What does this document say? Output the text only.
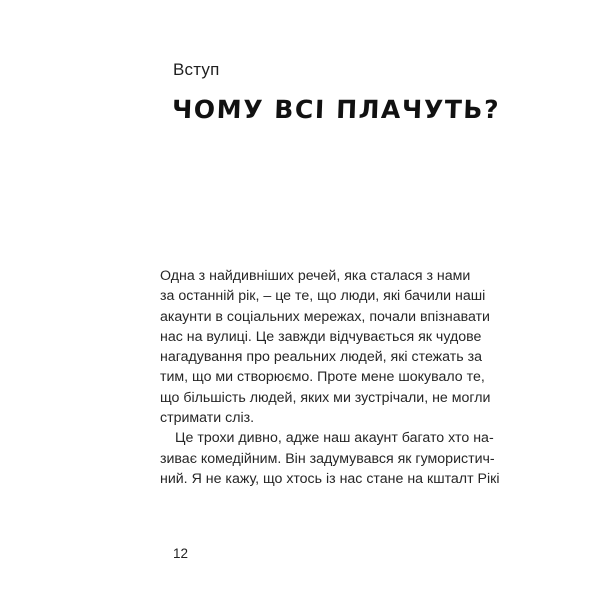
Вступ
ЧОМУ ВСІ ПЛАЧУТЬ?
Одна з найдивніших речей, яка сталася з нами
за останній рік, – це те, що люди, які бачили наші
акаунти в соціальних мережах, почали впізнавати
нас на вулиці. Це завжди відчувається як чудове
нагадування про реальних людей, які стежать за
тим, що ми створюємо. Проте мене шокувало те,
що більшість людей, яких ми зустрічали, не могли
стримати сліз.
Це трохи дивно, адже наш акаунт багато хто на-
зиває комедійним. Він задумувався як гумористич-
ний. Я не кажу, що хтось із нас стане на кшталт Рікі
12
